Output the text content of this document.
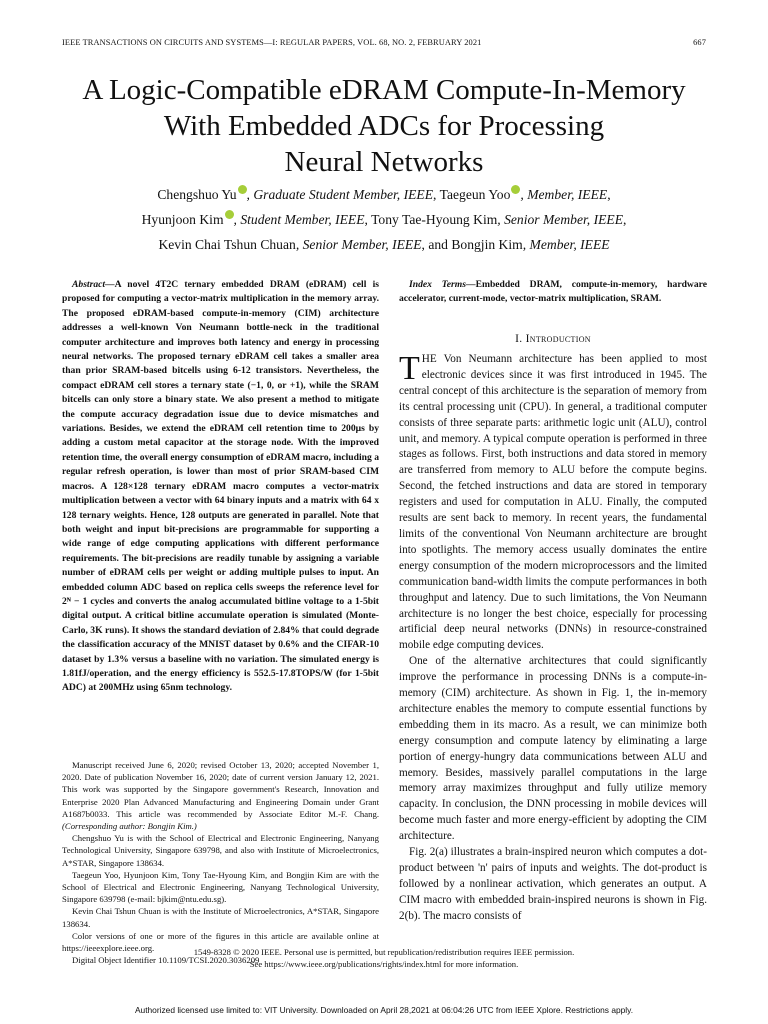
IEEE TRANSACTIONS ON CIRCUITS AND SYSTEMS—I: REGULAR PAPERS, VOL. 68, NO. 2, FEBRUARY 2021	667
A Logic-Compatible eDRAM Compute-In-Memory
With Embedded ADCs for Processing
Neural Networks
Chengshuo Yu , Graduate Student Member, IEEE, Taegeun Yoo , Member, IEEE,
Hyunjoon Kim , Student Member, IEEE, Tony Tae-Hyoung Kim, Senior Member, IEEE,
Kevin Chai Tshun Chuan, Senior Member, IEEE, and Bongjin Kim, Member, IEEE
Abstract—A novel 4T2C ternary embedded DRAM (eDRAM) cell is proposed for computing a vector-matrix multiplication in the memory array. The proposed eDRAM-based compute-in-memory (CIM) architecture addresses a well-known Von Neumann bottle-neck in the traditional computer architecture and improves both latency and energy in processing neural networks. The proposed ternary eDRAM cell takes a smaller area than prior SRAM-based bitcells using 6-12 transistors. Nevertheless, the compact eDRAM cell stores a ternary state (−1, 0, or +1), while the SRAM bitcells can only store a binary state. We also present a method to mitigate the compute accuracy degradation issue due to device mismatches and variations. Besides, we extend the eDRAM cell retention time to 200μs by adding a custom metal capacitor at the storage node. With the improved retention time, the overall energy consumption of eDRAM macro, including a regular refresh operation, is lower than most of prior SRAM-based CIM macros. A 128×128 ternary eDRAM macro computes a vector-matrix multiplication between a vector with 64 binary inputs and a matrix with 64 x 128 ternary weights. Hence, 128 outputs are generated in parallel. Note that both weight and input bit-precisions are programmable for supporting a wide range of edge computing applications with different performance requirements. The bit-precisions are readily tunable by assigning a variable number of eDRAM cells per weight or adding multiple pulses to input. An embedded column ADC based on replica cells sweeps the reference level for 2ᴺ − 1 cycles and converts the analog accumulated bitline voltage to a 1-5bit digital output. A critical bitline accumulate operation is simulated (Monte-Carlo, 3K runs). It shows the standard deviation of 2.84% that could degrade the classification accuracy of the MNIST dataset by 0.6% and the CIFAR-10 dataset by 1.3% versus a baseline with no variation. The simulated energy is 1.81fJ/operation, and the energy efficiency is 552.5-17.8TOPS/W (for 1-5bit ADC) at 200MHz using 65nm technology.

Manuscript received June 6, 2020; revised October 13, 2020; accepted November 1, 2020. Date of publication November 16, 2020; date of current version January 12, 2021. This work was supported by the Singapore government's Research, Innovation and Enterprise 2020 Plan Advanced Manufacturing and Engineering Domain under Grant A1687b0033. This article was recommended by Associate Editor M.-F. Chang. (Corresponding author: Bongjin Kim.)

Chengshuo Yu is with the School of Electrical and Electronic Engineering, Nanyang Technological University, Singapore 639798, and also with Institute of Microelectronics, A*STAR, Singapore 138634.

Taegeun Yoo, Hyunjoon Kim, Tony Tae-Hyoung Kim, and Bongjin Kim are with the School of Electrical and Electronic Engineering, Nanyang Technological University, Singapore 639798 (e-mail: bjkim@ntu.edu.sg).

Kevin Chai Tshun Chuan is with the Institute of Microelectronics, A*STAR, Singapore 138634.

Color versions of one or more of the figures in this article are available online at https://ieeexplore.ieee.org.

Digital Object Identifier 10.1109/TCSI.2020.3036209

Index Terms—Embedded DRAM, compute-in-memory, hardware accelerator, current-mode, vector-matrix multiplication, SRAM.
I. Introduction

THE Von Neumann architecture has been applied to most electronic devices since it was first introduced in 1945. The central concept of this architecture is the separation of memory from its central processing unit (CPU). In general, a traditional computer consists of three separate parts: arithmetic logic unit (ALU), control unit, and memory. A typical compute operation is performed in three stages as follows. First, both instructions and data stored in memory are transferred from memory to ALU before the compute begins. Second, the fetched instructions and data are stored in temporary registers and used for computation in ALU. Finally, the computed results are sent back to memory. In recent years, the fundamental limits of the conventional Von Neumann architecture are brought into spotlights. The memory access usually dominates the entire energy consumption of the modern microprocessors and the limited communication band-width limits the compute performances in both throughput and latency. Due to such limitations, the Von Neumann architecture is no longer the best choice, especially for processing artificial deep neural networks (DNNs) in resource-constrained mobile edge computing devices.

One of the alternative architectures that could significantly improve the performance in processing DNNs is a compute-in-memory (CIM) architecture. As shown in Fig. 1, the in-memory architecture enables the memory to compute essential functions by embedding them in its macro. As a result, we can minimize both energy consumption and compute latency by eliminating a large portion of energy-hungry data communications between ALU and memory. Besides, massively parallel computations in the large memory array maximizes throughput and fully utilize memory capacity. In conclusion, the DNN processing in mobile devices will become much faster and more energy-efficient by adopting the CIM architecture.

Fig. 2(a) illustrates a brain-inspired neuron which computes a dot-product between 'n' pairs of inputs and weights. The dot-product is followed by a nonlinear activation, which generates an output. A CIM macro with embedded brain-inspired neurons is shown in Fig. 2(b). The macro consists of

1549-8328 © 2020 IEEE. Personal use is permitted, but republication/redistribution requires IEEE permission.
See https://www.ieee.org/publications/rights/index.html for more information.
Authorized licensed use limited to: VIT University. Downloaded on April 28,2021 at 06:04:26 UTC from IEEE Xplore. Restrictions apply.
